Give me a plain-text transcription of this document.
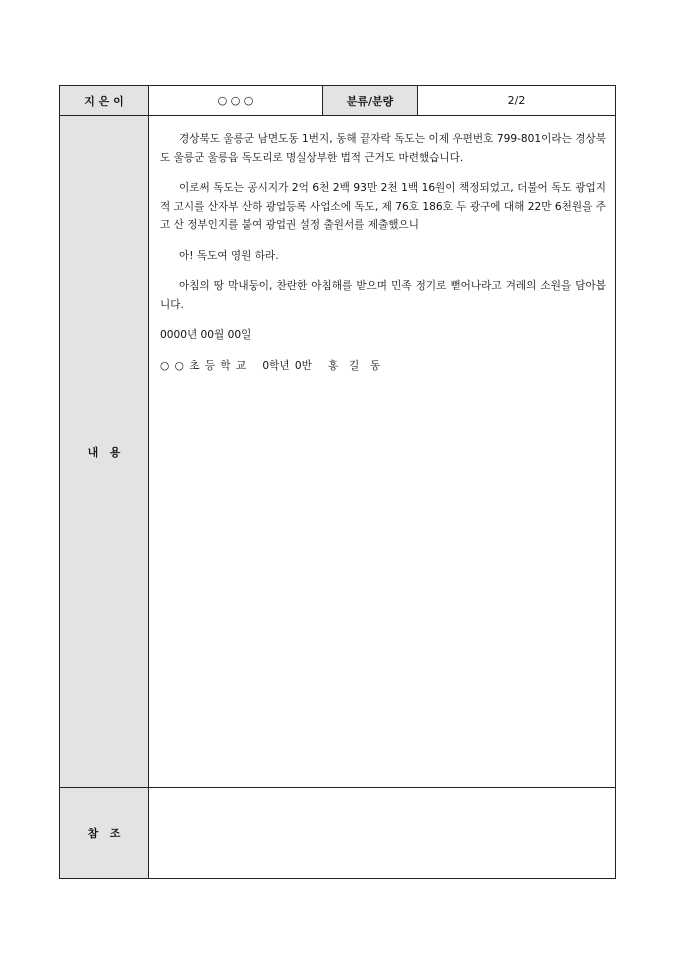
지 은 이	○ ○ ○	분류/분량	2/2
내   용

경상북도 울릉군 남면도동 1번지, 동해 끝자락 독도는 이제 우편번호 799-801이라는 경상북도 울릉군 울릉읍 독도리로 명실상부한 법적 근거도 마련했습니다.

이로써 독도는 공시지가 2억 6천 2백 93만 2천 1백 16원이 책정되었고, 더불어 독도 광업지적 고시를 산자부 산하 광업등록 사업소에 독도, 제 76호 186호 두 광구에 대해 22만 6천원을 주고 산 정부인지를 붙여 광업권 설정 출원서를 제출했으니

아! 독도여 영원 하라.

아침의 땅 막내둥이, 찬란한 아침해를 받으며 민족 정기로 뻗어나라고 겨레의 소원을 담아봅니다.

0000년 00월 00일

○ ○ 초 등 학 교   0학년 0반   홍  길  동

참   조
